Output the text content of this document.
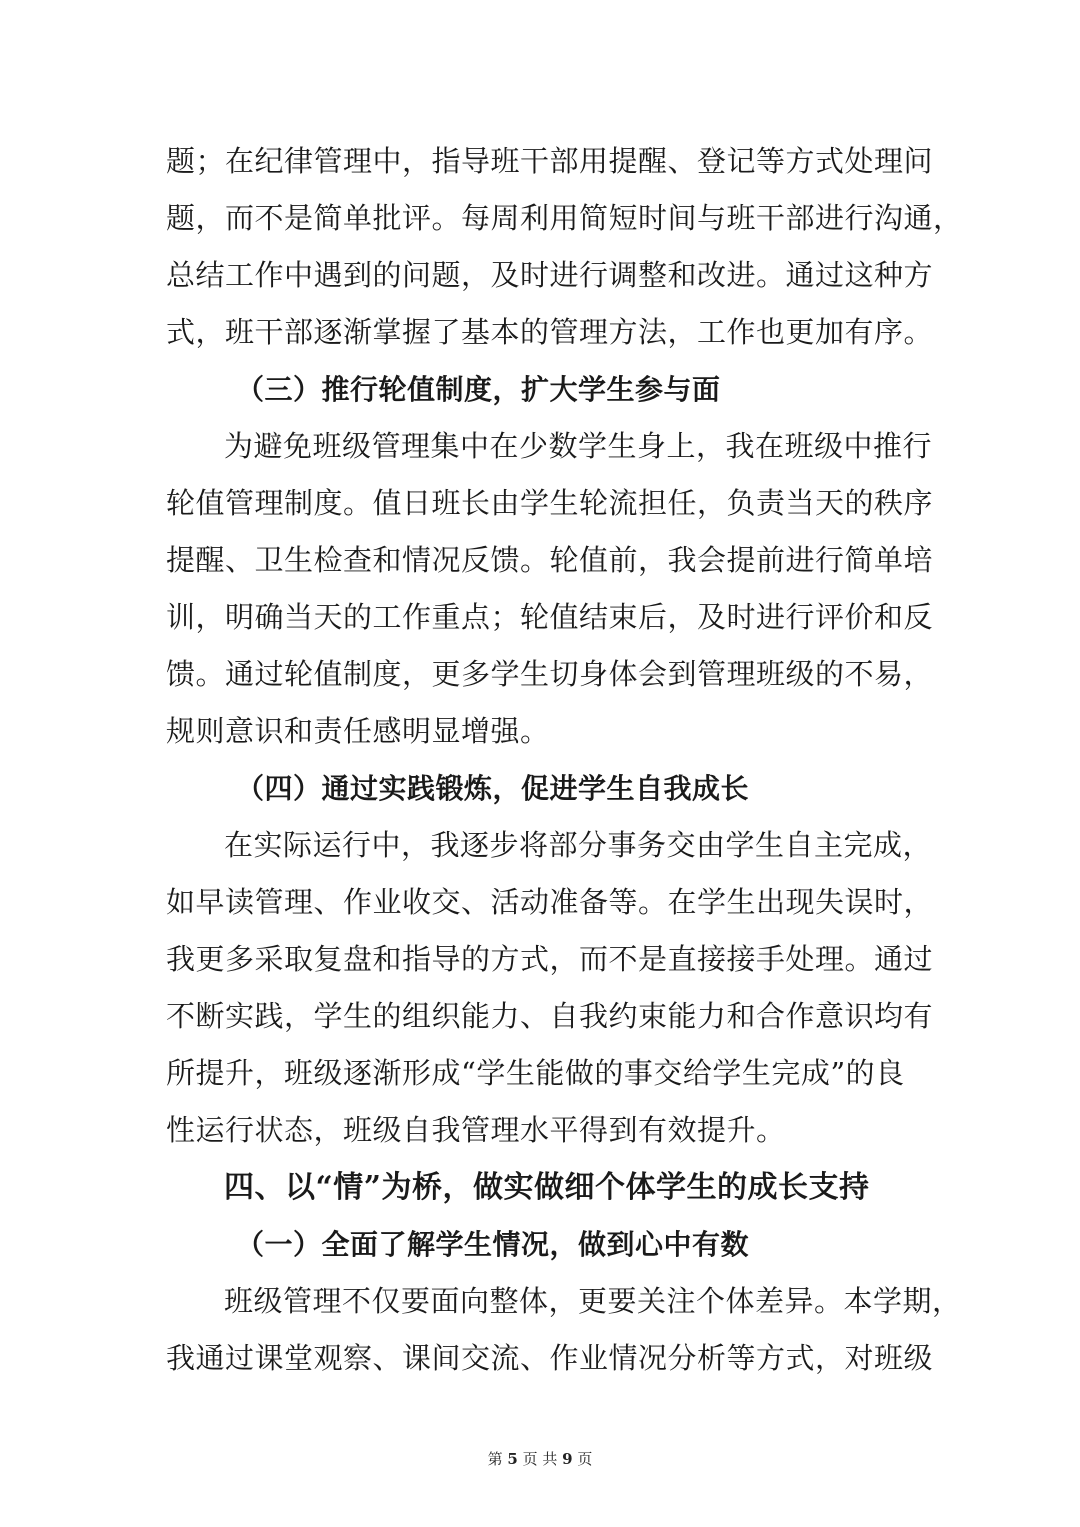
题；在纪律管理中，指导班干部用提醒、登记等方式处理问
题，而不是简单批评。每周利用简短时间与班干部进行沟通，
总结工作中遇到的问题，及时进行调整和改进。通过这种方
式，班干部逐渐掌握了基本的管理方法，工作也更加有序。
（三）推行轮值制度，扩大学生参与面
为避免班级管理集中在少数学生身上，我在班级中推行
轮值管理制度。值日班长由学生轮流担任，负责当天的秩序
提醒、卫生检查和情况反馈。轮值前，我会提前进行简单培
训，明确当天的工作重点；轮值结束后，及时进行评价和反
馈。通过轮值制度，更多学生切身体会到管理班级的不易，
规则意识和责任感明显增强。
（四）通过实践锻炼，促进学生自我成长
在实际运行中，我逐步将部分事务交由学生自主完成，
如早读管理、作业收交、活动准备等。在学生出现失误时，
我更多采取复盘和指导的方式，而不是直接接手处理。通过
不断实践，学生的组织能力、自我约束能力和合作意识均有
所提升，班级逐渐形成“学生能做的事交给学生完成”的良
性运行状态，班级自我管理水平得到有效提升。
四、以“情”为桥，做实做细个体学生的成长支持
（一）全面了解学生情况，做到心中有数
班级管理不仅要面向整体，更要关注个体差异。本学期，
我通过课堂观察、课间交流、作业情况分析等方式，对班级
第 5 页 共 9 页
